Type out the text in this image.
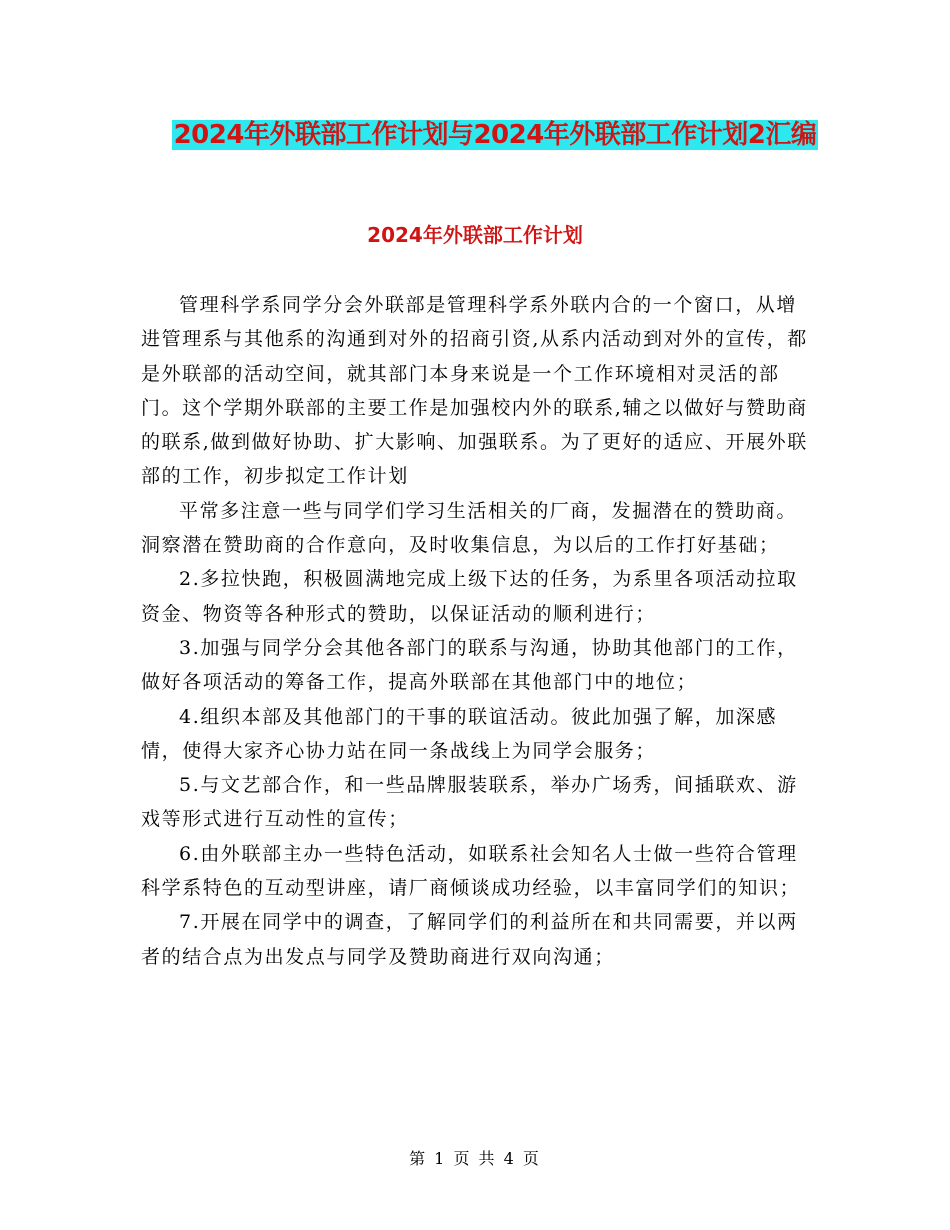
2024年外联部工作计划与2024年外联部工作计划2汇编
2024年外联部工作计划

管理科学系同学分会外联部是管理科学系外联内合的一个窗口，从增进管理系与其他系的沟通到对外的招商引资,从系内活动到对外的宣传，都是外联部的活动空间，就其部门本身来说是一个工作环境相对灵活的部门。这个学期外联部的主要工作是加强校内外的联系,辅之以做好与赞助商的联系,做到做好协助、扩大影响、加强联系。为了更好的适应、开展外联部的工作，初步拟定工作计划

平常多注意一些与同学们学习生活相关的厂商，发掘潜在的赞助商。洞察潜在赞助商的合作意向，及时收集信息，为以后的工作打好基础；

2.多拉快跑，积极圆满地完成上级下达的任务，为系里各项活动拉取资金、物资等各种形式的赞助，以保证活动的顺利进行；

3.加强与同学分会其他各部门的联系与沟通，协助其他部门的工作，做好各项活动的筹备工作，提高外联部在其他部门中的地位；

4.组织本部及其他部门的干事的联谊活动。彼此加强了解，加深感情，使得大家齐心协力站在同一条战线上为同学会服务；

5.与文艺部合作，和一些品牌服装联系，举办广场秀，间插联欢、游戏等形式进行互动性的宣传；

6.由外联部主办一些特色活动，如联系社会知名人士做一些符合管理科学系特色的互动型讲座，请厂商倾谈成功经验，以丰富同学们的知识；

7.开展在同学中的调查，了解同学们的利益所在和共同需要，并以两者的结合点为出发点与同学及赞助商进行双向沟通；

第 1 页 共 4 页
